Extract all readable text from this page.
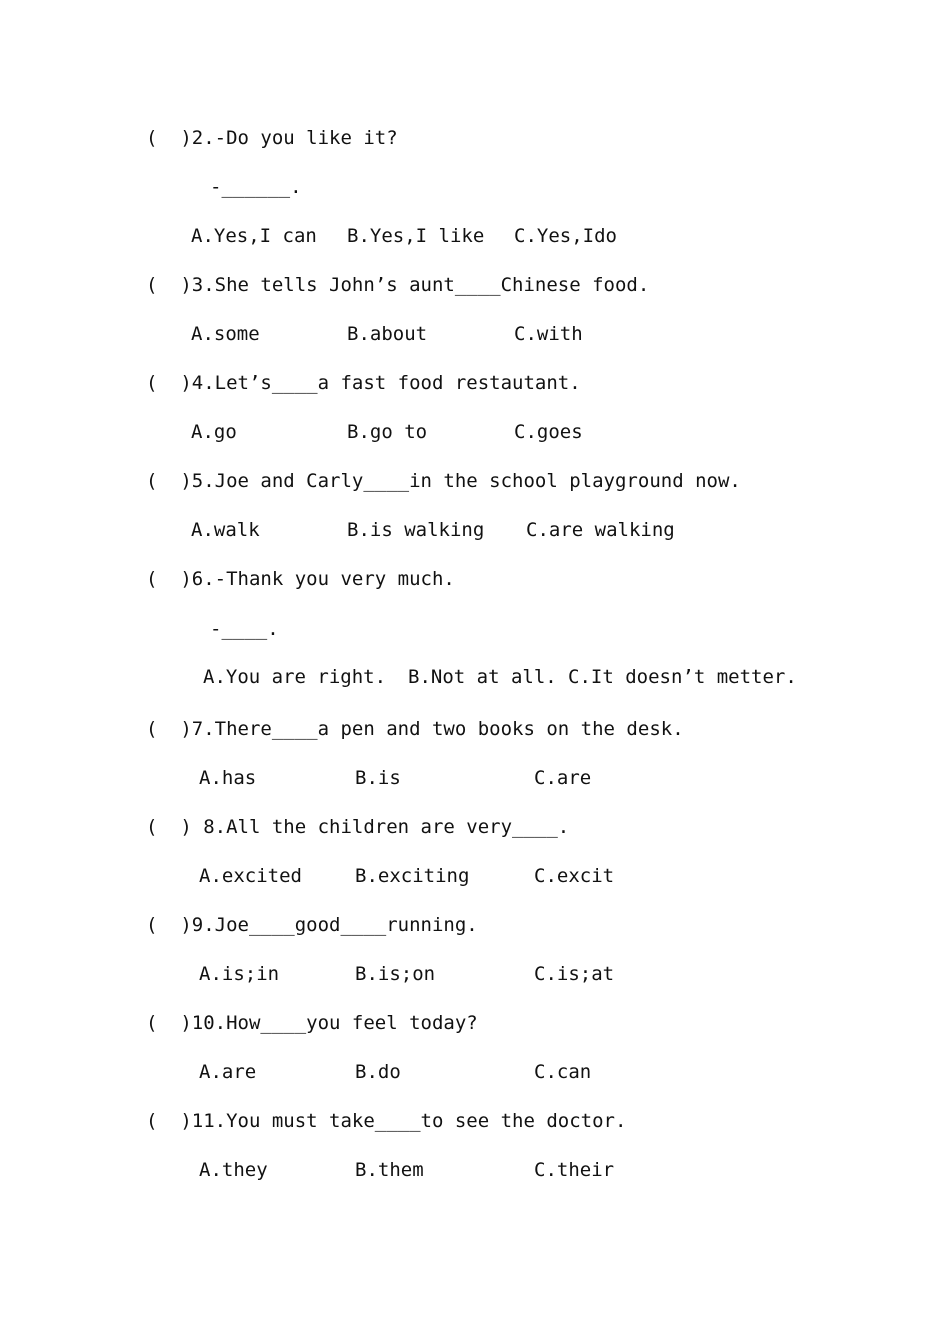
(  )2.-Do you like it?
-______.
A.Yes,I can B.Yes,I like C.Yes,Ido
(  )3.She tells John’s aunt____Chinese food.
A.some	B.about	C.with
(  )4.Let’s____a fast food restautant.
A.go	B.go to	C.goes
(  )5.Joe and Carly____in the school playground now.
A.walk	B.is walking C.are walking
(  )6.-Thank you very much.
-____.
A.You are right. B.Not at all. C.It doesn’t metter.
(  )7.There____a pen and two books on the desk.
A.has	B.is	C.are
(  ) 8.All the children are very____.
A.excited	B.exciting	C.excit
(  )9.Joe____good____running.
A.is;in	B.is;on	C.is;at
(  )10.How____you feel today?
A.are	B.do	C.can
(  )11.You must take____to see the doctor.
A.they	B.them	C.their
